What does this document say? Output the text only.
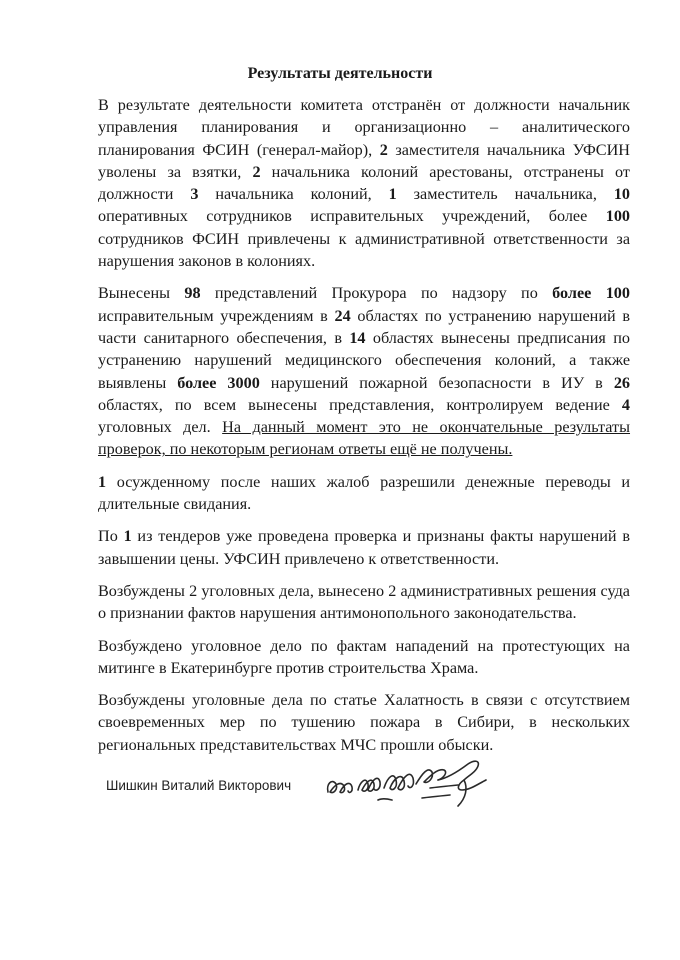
Результаты деятельности

В результате деятельности комитета отстранён от должности начальник управления планирования и организационно – аналитического планирования ФСИН (генерал-майор), 2 заместителя начальника УФСИН уволены за взятки, 2 начальника колоний арестованы, отстранены от должности 3 начальника колоний, 1 заместитель начальника, 10 оперативных сотрудников исправительных учреждений, более 100 сотрудников ФСИН привлечены к административной ответственности за нарушения законов в колониях.

Вынесены 98 представлений Прокурора по надзору по более 100 исправительным учреждениям в 24 областях по устранению нарушений в части санитарного обеспечения, в 14 областях вынесены предписания по устранению нарушений медицинского обеспечения колоний, а также выявлены более 3000 нарушений пожарной безопасности в ИУ в 26 областях, по всем вынесены представления, контролируем ведение 4 уголовных дел. На данный момент это не окончательные результаты проверок, по некоторым регионам ответы ещё не получены.

1 осужденному после наших жалоб разрешили денежные переводы и длительные свидания.

По 1 из тендеров уже проведена проверка и признаны факты нарушений в завышении цены. УФСИН привлечено к ответственности.

Возбуждены 2 уголовных дела, вынесено 2 административных решения суда о признании фактов нарушения антимонопольного законодательства.

Возбуждено уголовное дело по фактам нападений на протестующих на митинге в Екатеринбурге против строительства Храма.

Возбуждены уголовные дела по статье Халатность в связи с отсутствием своевременных мер по тушению пожара в Сибири, в нескольких региональных представительствах МЧС прошли обыски.

Шишкин Виталий Викторович
